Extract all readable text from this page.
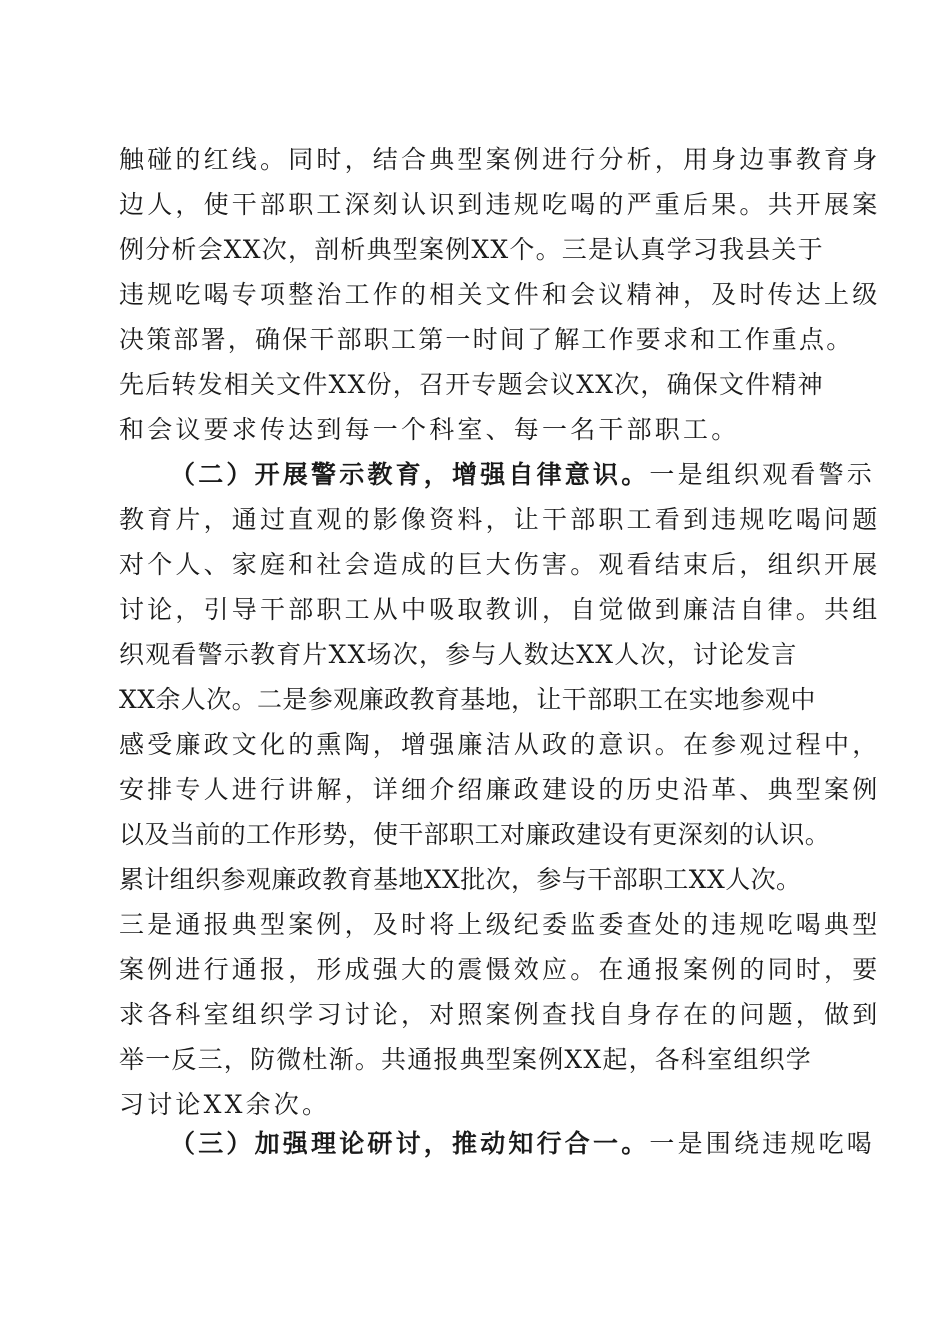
触碰的红线。同时，结合典型案例进行分析，用身边事教育身

边人，使干部职工深刻认识到违规吃喝的严重后果。共开展案

例分析会XX次，剖析典型案例XX个。三是认真学习我县关于

违规吃喝专项整治工作的相关文件和会议精神，及时传达上级

决策部署，确保干部职工第一时间了解工作要求和工作重点。

先后转发相关文件XX份，召开专题会议XX次，确保文件精神

和会议要求传达到每一个科室、每一名干部职工。

（二）开展警示教育，增强自律意识。一是组织观看警示

教育片，通过直观的影像资料，让干部职工看到违规吃喝问题

对个人、家庭和社会造成的巨大伤害。观看结束后，组织开展

讨论，引导干部职工从中吸取教训，自觉做到廉洁自律。共组

织观看警示教育片XX场次，参与人数达XX人次，讨论发言

XX余人次。二是参观廉政教育基地，让干部职工在实地参观中

感受廉政文化的熏陶，增强廉洁从政的意识。在参观过程中，

安排专人进行讲解，详细介绍廉政建设的历史沿革、典型案例

以及当前的工作形势，使干部职工对廉政建设有更深刻的认识。

累计组织参观廉政教育基地XX批次，参与干部职工XX人次。

三是通报典型案例，及时将上级纪委监委查处的违规吃喝典型

案例进行通报，形成强大的震慑效应。在通报案例的同时，要

求各科室组织学习讨论，对照案例查找自身存在的问题，做到

举一反三，防微杜渐。共通报典型案例XX起，各科室组织学

习讨论XX余次。

（三）加强理论研讨，推动知行合一。一是围绕违规吃喝
